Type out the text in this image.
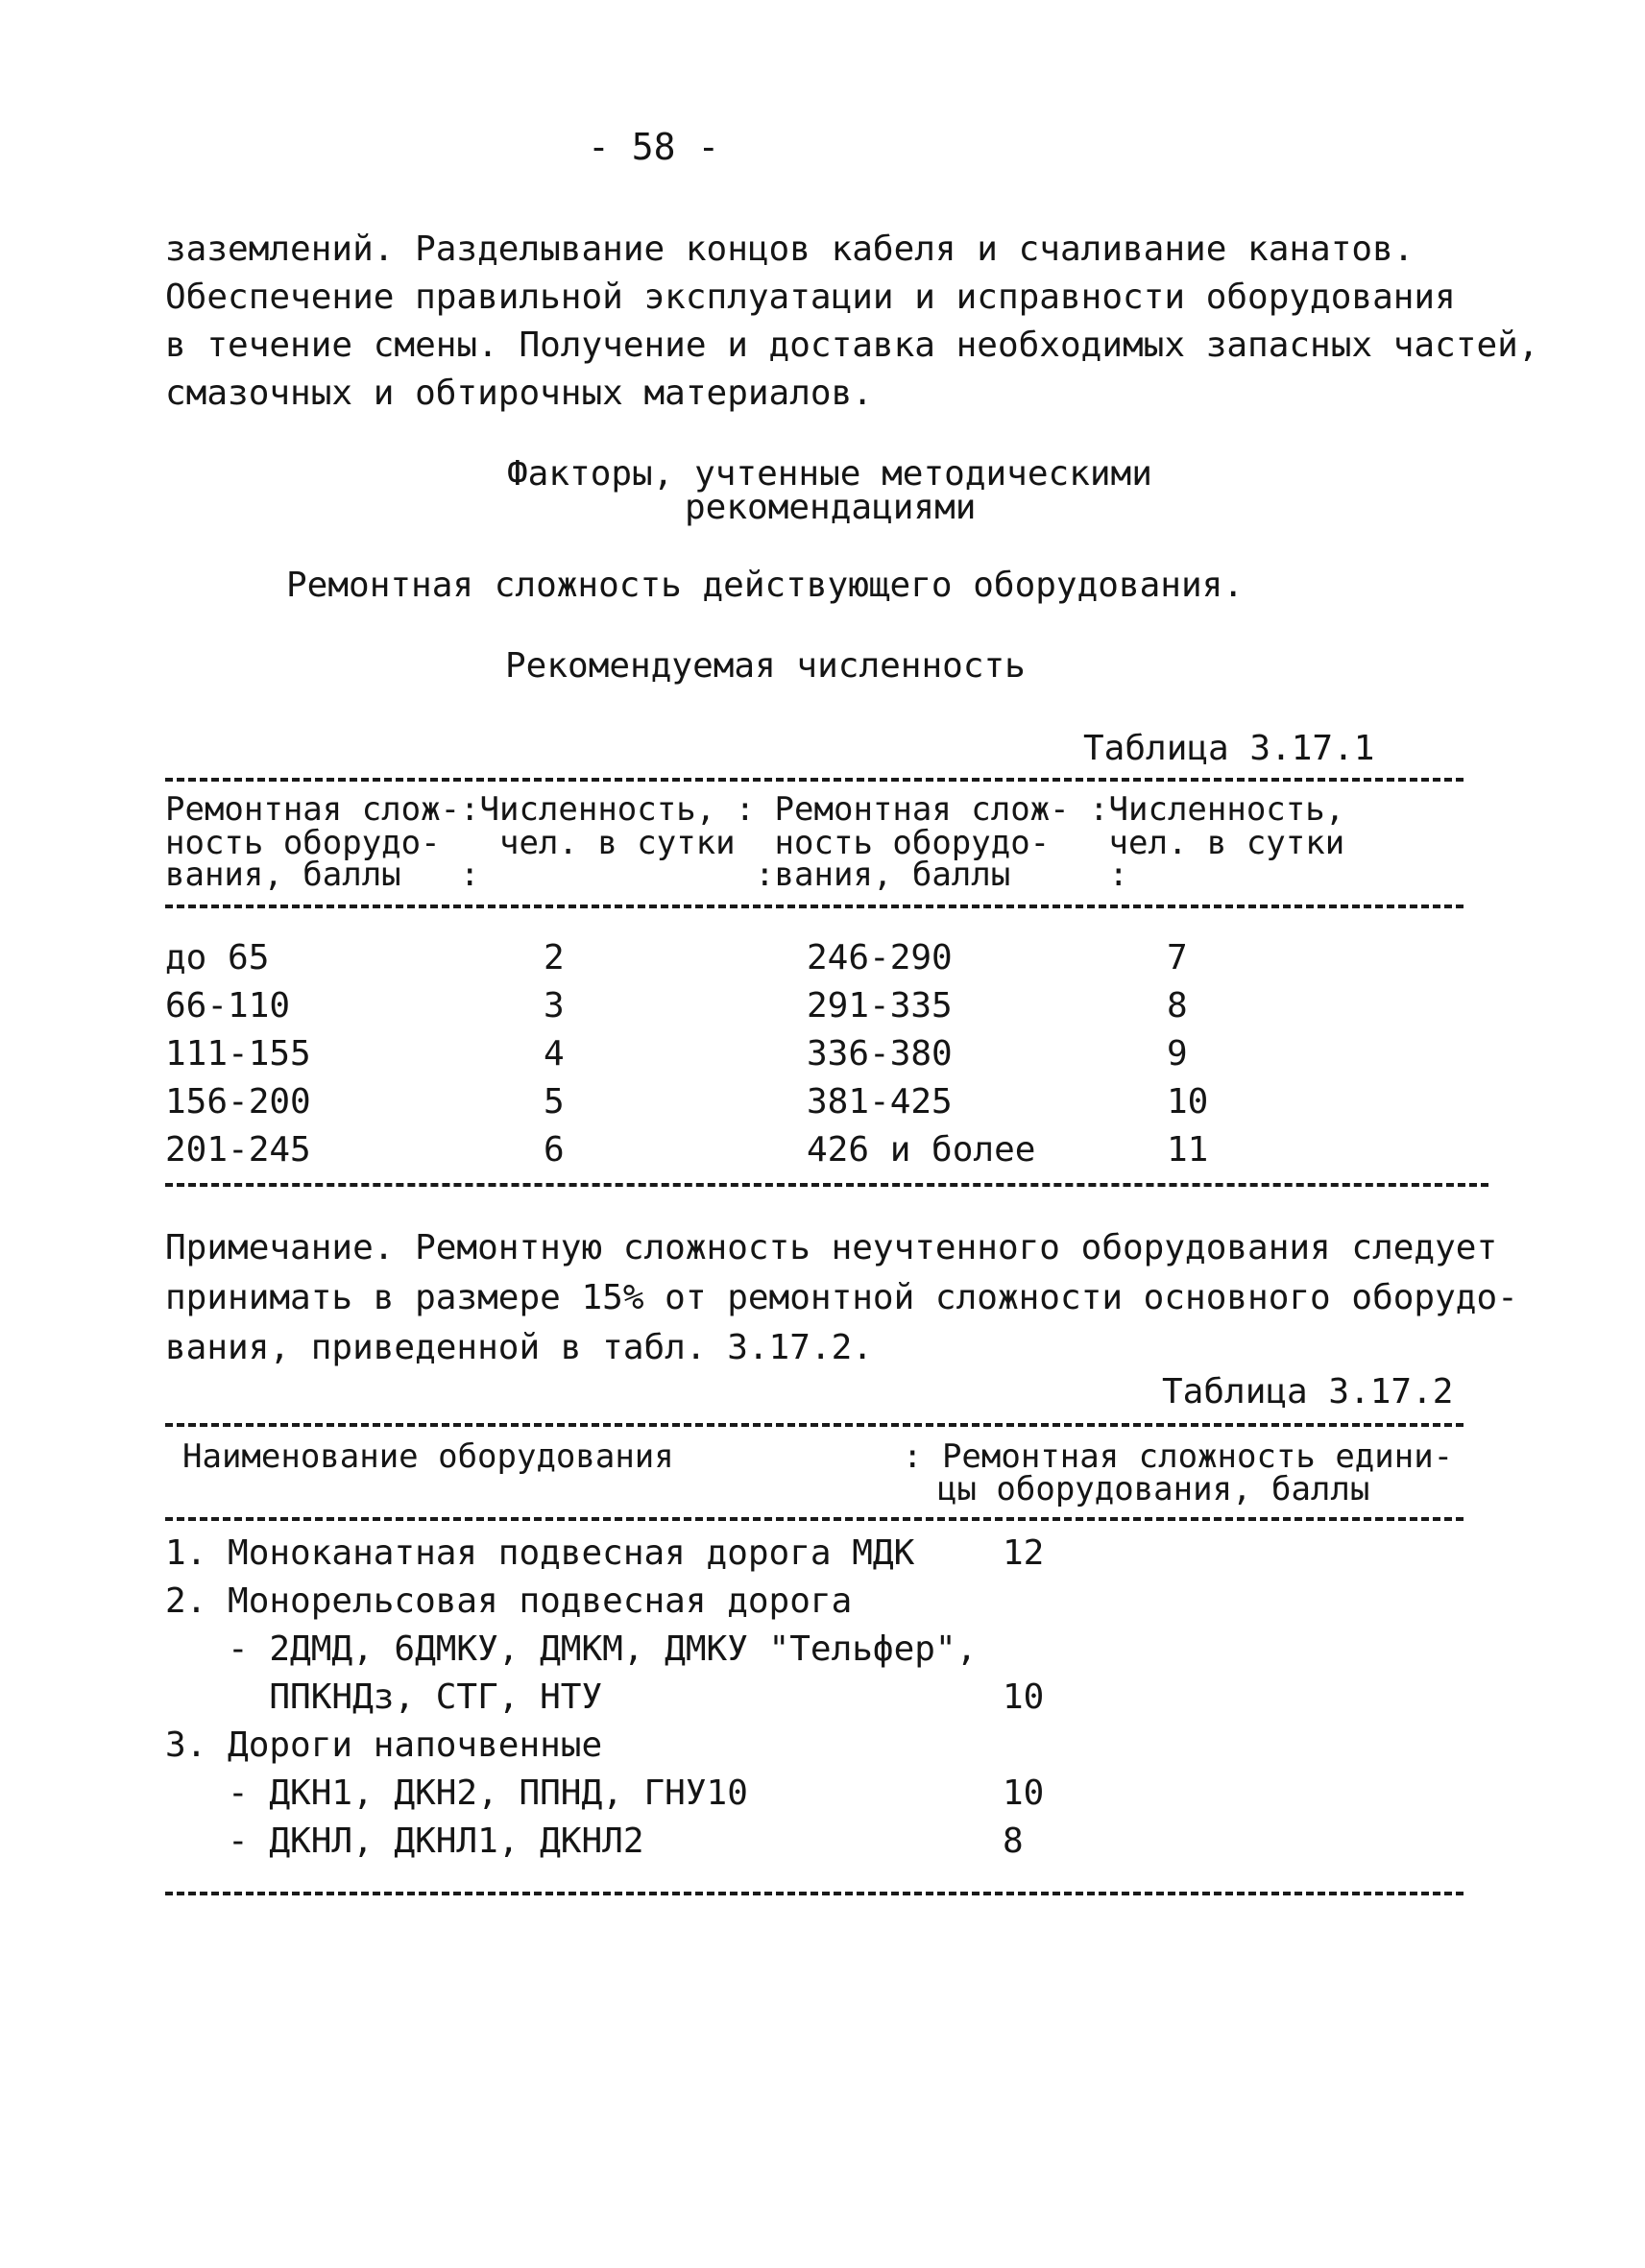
- 58 -
заземлений. Разделывание концов кабеля и счаливание канатов.
Обеспечение правильной эксплуатации и исправности оборудования
в течение смены. Получение и доставка необходимых запасных частей,
смазочных и обтирочных материалов.
Факторы, учтенные методическими
рекомендациями
Ремонтная сложность действующего оборудования.
Рекомендуемая численность
Таблица 3.17.1
Ремонтная слож-:Численность, : Ремонтная слож- :Численность,
ность оборудо-   чел. в сутки  ность оборудо-   чел. в сутки
вания, баллы   :              :вания, баллы     :
до 65	2	246-290	7
66-110	3	291-335	8
111-155	4	336-380	9
156-200	5	381-425	10
201-245	6	426 и более	11
Примечание. Ремонтную сложность неучтенного оборудования следует
принимать в размере 15% от ремонтной сложности основного оборудо-
вания, приведенной в табл. 3.17.2.
Таблица 3.17.2
Наименование оборудования	: Ремонтная сложность едини-
цы оборудования, баллы
1. Моноканатная подвесная дорога МДК	12
2. Монорельсовая подвесная дорога
- 2ДМД, 6ДМКУ, ДМКМ, ДМКУ "Тельфер",
ППКНДз, СТГ, НТУ	10
3. Дороги напочвенные
- ДКН1, ДКН2, ППНД, ГНУ10	10
- ДКНЛ, ДКНЛ1, ДКНЛ2	8
